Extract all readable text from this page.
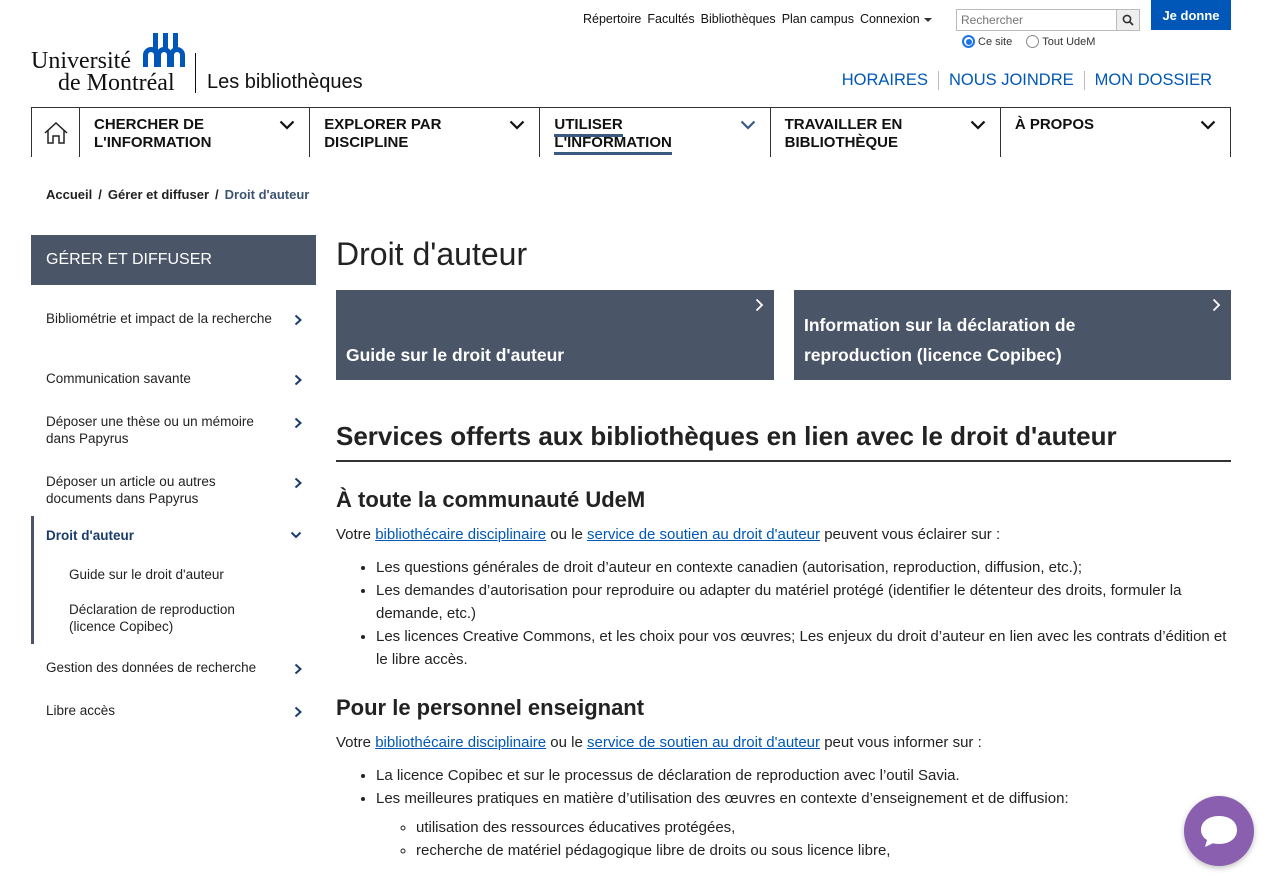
Répertoire Facultés Bibliothèques Plan campus Connexion
Rechercher
Ce site	Tout UdeM
Je donne
Université
de Montréal Les bibliothèques	HORAIRES	NOUS JOINDRE	MON DOSSIER
CHERCHER DE
L'INFORMATION
EXPLORER PAR
DISCIPLINE
UTILISER
L'INFORMATION
TRAVAILLER EN
BIBLIOTHÈQUE
À PROPOS
Accueil / Gérer et diffuser / Droit d'auteur
GÉRER ET DIFFUSER
Bibliométrie et impact de la recherche
Communication savante
Déposer une thèse ou un mémoire dans Papyrus
Déposer un article ou autres documents dans Papyrus
Droit d'auteur
Guide sur le droit d'auteur
Déclaration de reproduction (licence Copibec)
Gestion des données de recherche
Libre accès
Droit d'auteur
Guide sur le droit d'auteur
Information sur la déclaration de
reproduction (licence Copibec)
Services offerts aux bibliothèques en lien avec le droit d'auteur
À toute la communauté UdeM

Votre bibliothécaire disciplinaire ou le service de soutien au droit d'auteur peuvent vous éclairer sur :

• Les questions générales de droit d’auteur en contexte canadien (autorisation, reproduction, diffusion, etc.);
• Les demandes d’autorisation pour reproduire ou adapter du matériel protégé (identifier le détenteur des droits, formuler la demande, etc.)
• Les licences Creative Commons, et les choix pour vos œuvres; Les enjeux du droit d’auteur en lien avec les contrats d’édition et le libre accès.
Pour le personnel enseignant

Votre bibliothécaire disciplinaire ou le service de soutien au droit d'auteur peut vous informer sur :

• La licence Copibec et sur le processus de déclaration de reproduction avec l’outil Savia.
• Les meilleures pratiques en matière d’utilisation des œuvres en contexte d’enseignement et de diffusion:
◦ utilisation des ressources éducatives protégées,
◦ recherche de matériel pédagogique libre de droits ou sous licence libre,
